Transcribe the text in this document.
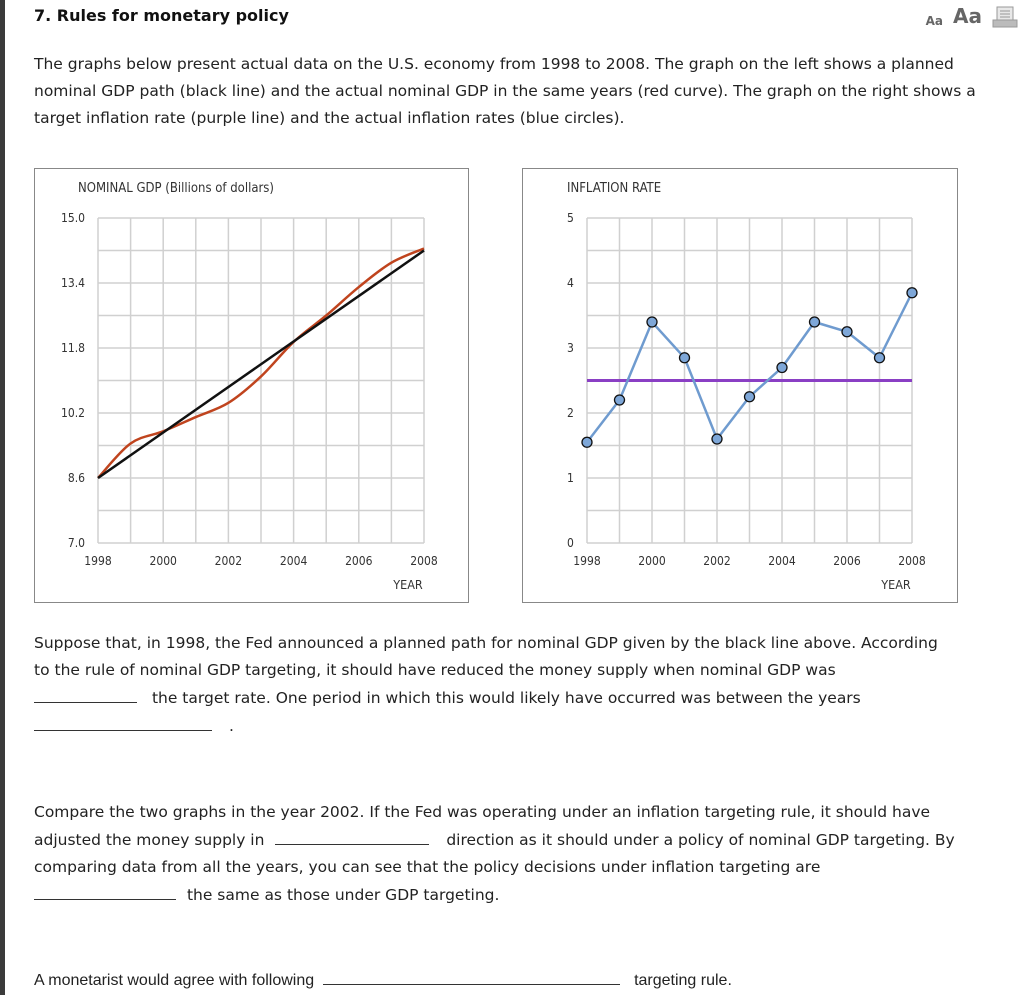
7. Rules for monetary policy	Aa Aa
The graphs below present actual data on the U.S. economy from 1998 to 2008. The graph on the left shows a planned nominal GDP path (black line) and the actual nominal GDP in the same years (red curve). The graph on the right shows a target inflation rate (purple line) and the actual inflation rates (blue circles).
NOMINAL GDP (Billions of dollars)
7.0
8.6
10.2
11.8
13.4
15.0
1998	2000	2002	2004	2006	2008
YEAR
INFLATION RATE
0
1
2
3
4
5
1998	2000	2002	2004	2006	2008
YEAR
Suppose that, in 1998, the Fed announced a planned path for nominal GDP given by the black line above. According
to the rule of nominal GDP targeting, it should have reduced the money supply when nominal GDP was
the target rate. One period in which this would likely have occurred was between the years
.
Compare the two graphs in the year 2002. If the Fed was operating under an inflation targeting rule, it should have
adjusted the money supply in	direction as it should under a policy of nominal GDP targeting. By
comparing data from all the years, you can see that the policy decisions under inflation targeting are
the same as those under GDP targeting.
A monetarist would agree with following	targeting rule.
